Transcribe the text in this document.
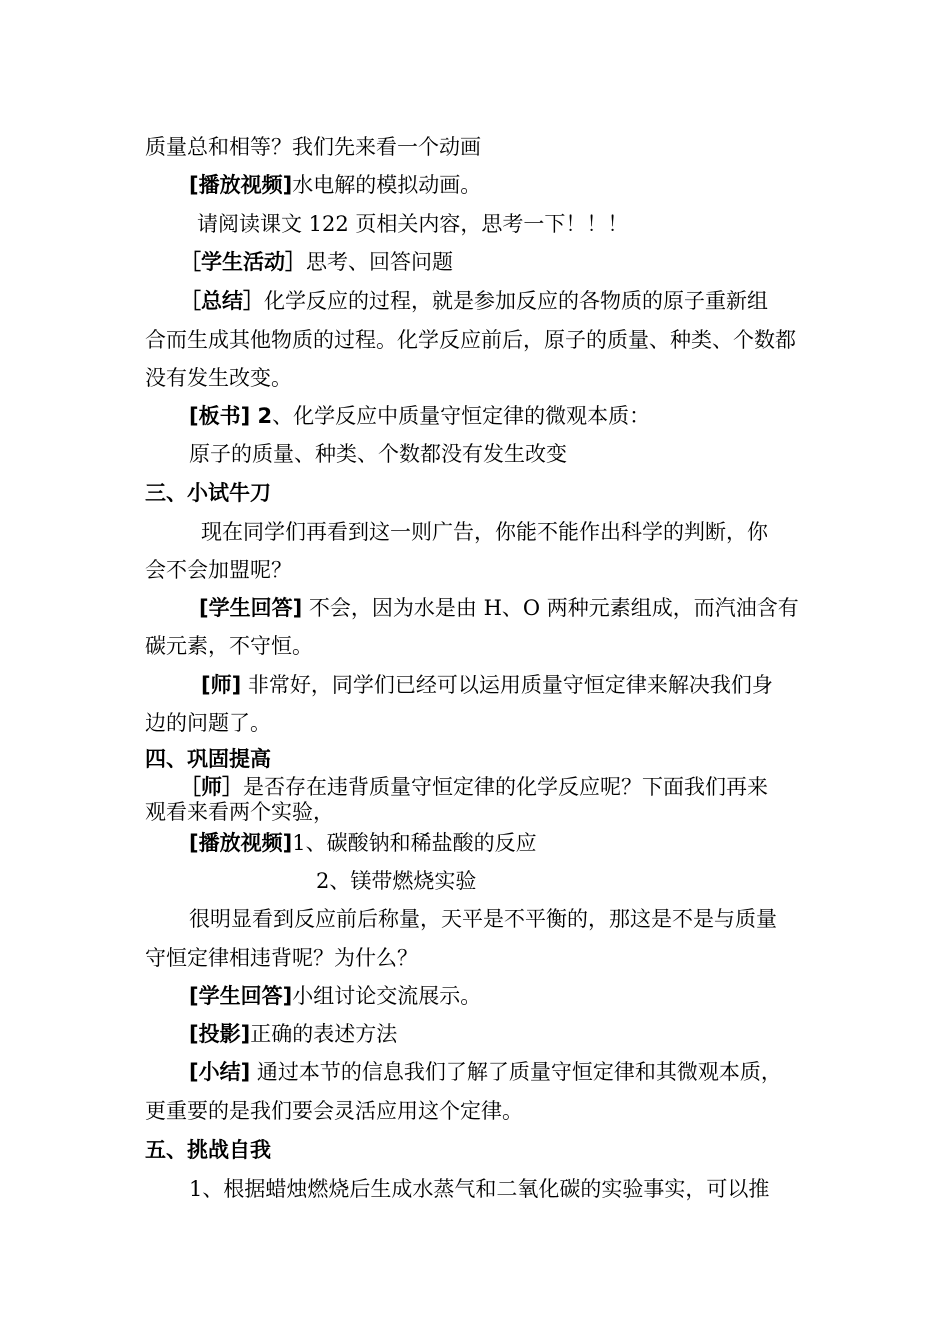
质量总和相等？我们先来看一个动画
[播放视频]水电解的模拟动画。
请阅读课文 122 页相关内容，思考一下！！！
［学生活动］思考、回答问题
［总结］化学反应的过程，就是参加反应的各物质的原子重新组
合而生成其他物质的过程。化学反应前后，原子的质量、种类、个数都
没有发生改变。
[板书] 2、化学反应中质量守恒定律的微观本质：
原子的质量、种类、个数都没有发生改变
三、小试牛刀
现在同学们再看到这一则广告，你能不能作出科学的判断，你
会不会加盟呢？
[学生回答] 不会，因为水是由 H、O 两种元素组成，而汽油含有
碳元素，不守恒。
[师] 非常好，同学们已经可以运用质量守恒定律来解决我们身
边的问题了。
四、巩固提高
［师］是否存在违背质量守恒定律的化学反应呢？下面我们再来
观看来看两个实验，
[播放视频]1、碳酸钠和稀盐酸的反应
2、镁带燃烧实验
很明显看到反应前后称量，天平是不平衡的，那这是不是与质量
守恒定律相违背呢？为什么？
[学生回答]小组讨论交流展示。
[投影]正确的表述方法
[小结] 通过本节的信息我们了解了质量守恒定律和其微观本质，
更重要的是我们要会灵活应用这个定律。
五、挑战自我
1、根据蜡烛燃烧后生成水蒸气和二氧化碳的实验事实，可以推
